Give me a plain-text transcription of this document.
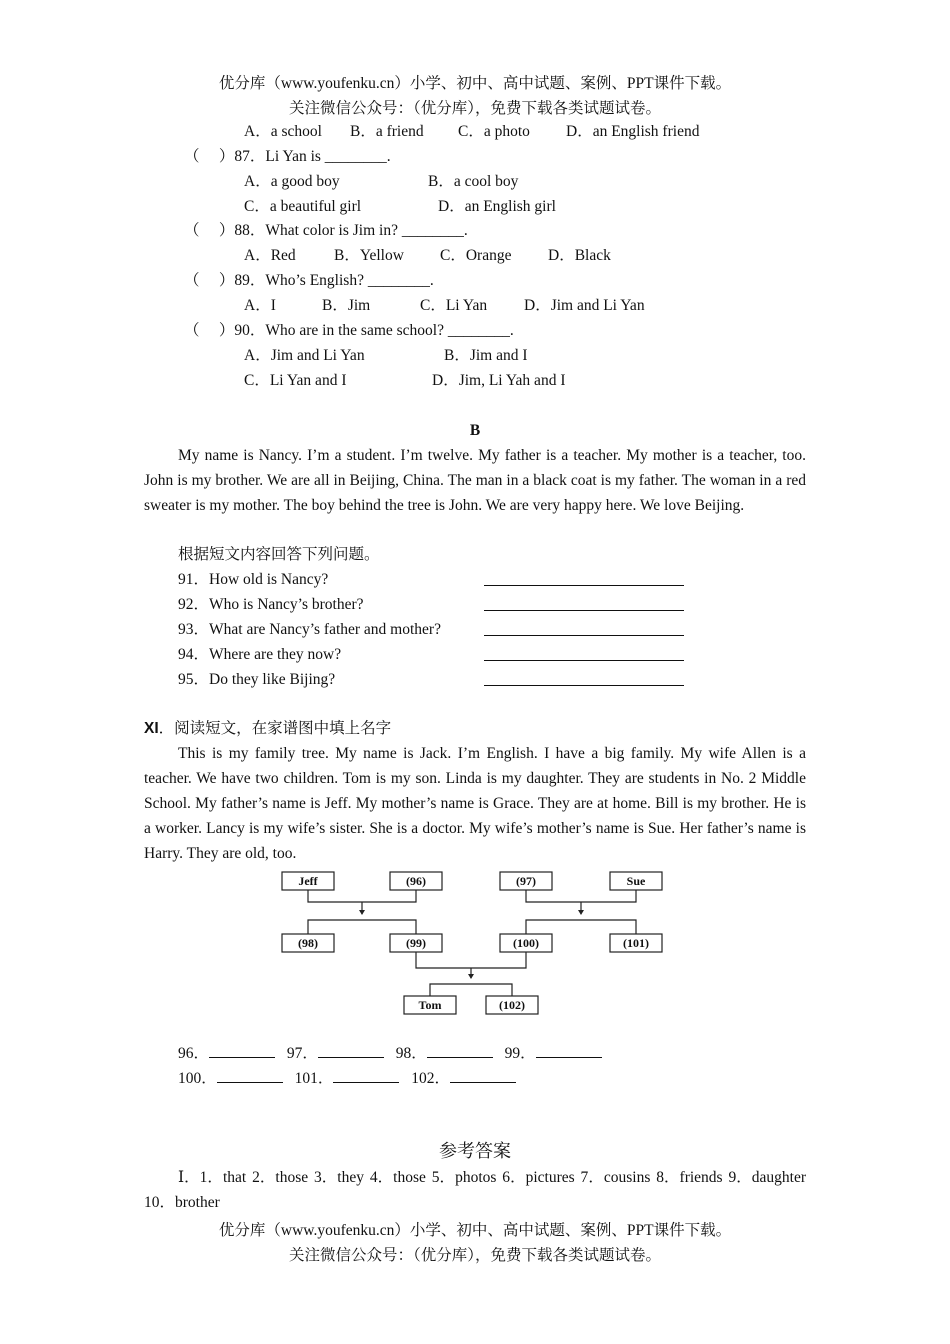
优分库（www.youfenku.cn）小学、初中、高中试题、案例、PPT课件下载。
关注微信公众号：（优分库），免费下载各类试题试卷。
A．a school B．a friend C．a photo D．an English friend
（　 ）87．Li Yan is ________.
A．a good boy	B．a cool boy
C．a beautiful girl	D．an English girl
（　 ）88．What color is Jim in? ________.
A．Red B．Yellow C．Orange D．Black
（　 ）89．Who’s English? ________.
A．I	B．Jim	C．Li Yan D．Jim and Li Yan
（　 ）90．Who are in the same school? ________.
A．Jim and Li Yan	B．Jim and I
C．Li Yan and I	D．Jim, Li Yah and I
B
My name is Nancy. I’m a student. I’m twelve. My father is a teacher. My mother is a teacher, too. John is my brother. We are all in Beijing, China. The man in a black coat is my father. The woman in a red sweater is my mother. The boy behind the tree is John. We are very happy here. We love Beijing.
根据短文内容回答下列问题。
91．How old is Nancy?
92．Who is Nancy’s brother?
93．What are Nancy’s father and mother?
94．Where are they now?
95．Do they like Bijing?
XI．阅读短文，在家谱图中填上名字
This is my family tree. My name is Jack. I’m English. I have a big family. My wife Allen is a teacher. We have two children. Tom is my son. Linda is my daughter. They are students in No. 2 Middle School. My father’s name is Jeff. My mother’s name is Grace. They are at home. Bill is my brother. He is a worker. Lancy is my wife’s sister. She is a doctor. My wife’s mother’s name is Sue. Her father’s name is Harry. They are old, too.
Jeff	(96)	(97)	Sue
(98)	(99)	(100)	(101)
Tom	(102)
96．	97．	98．	99．
100．	101．	102．
参考答案
Ⅰ．1．that 2．those 3．they 4．those 5．photos 6．pictures 7．cousins 8．friends 9．daughter 10．brother
优分库（www.youfenku.cn）小学、初中、高中试题、案例、PPT课件下载。
关注微信公众号：（优分库），免费下载各类试题试卷。
